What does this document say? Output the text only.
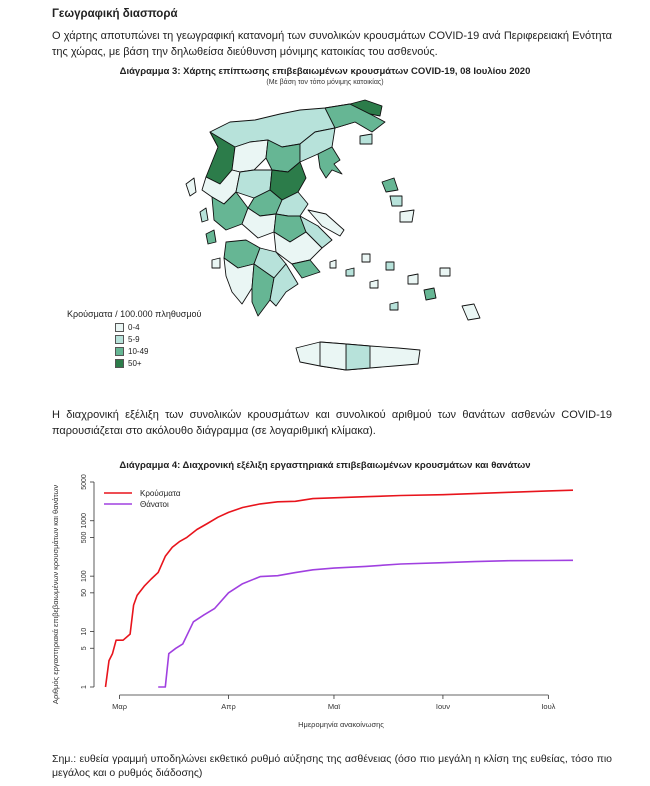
Γεωγραφική διασπορά
Ο χάρτης αποτυπώνει τη γεωγραφική κατανομή των συνολικών κρουσμάτων COVID-19 ανά Περιφερειακή Ενότητα της χώρας, με βάση την δηλωθείσα διεύθυνση μόνιμης κατοικίας του ασθενούς.
Διάγραμμα 3: Χάρτης επίπτωσης επιβεβαιωμένων κρουσμάτων COVID-19, 08 Ιουλίου 2020
(Με βάση τον τόπο μόνιμης κατοικίας)
Κρούσματα / 100.000 πληθυσμού
0-4
5-9
10-49
50+
Η διαχρονική εξέλιξη των συνολικών κρουσμάτων και συνολικού αριθμού των θανάτων ασθενών COVID-19 παρουσιάζεται στο ακόλουθο διάγραμμα (σε λογαριθμική κλίμακα).
Διάγραμμα 4: Διαχρονική εξέλιξη εργαστηριακά επιβεβαιωμένων κρουσμάτων και θανάτων
1
5
10
50
100
500
1000
5000
Μαρ	Απρ	Μαϊ	Ιουν	Ιουλ
Ημερομηνία ανακοίνωσης
Αριθμός εργαστηριακά επιβεβαιωμένων κρουσμάτων και θανάτων	Κρούσματα
Θάνατοι
Σημ.: ευθεία γραμμή υποδηλώνει εκθετικό ρυθμό αύξησης της ασθένειας (όσο πιο μεγάλη η κλίση της ευθείας, τόσο πιο μεγάλος και ο ρυθμός διάδοσης)
